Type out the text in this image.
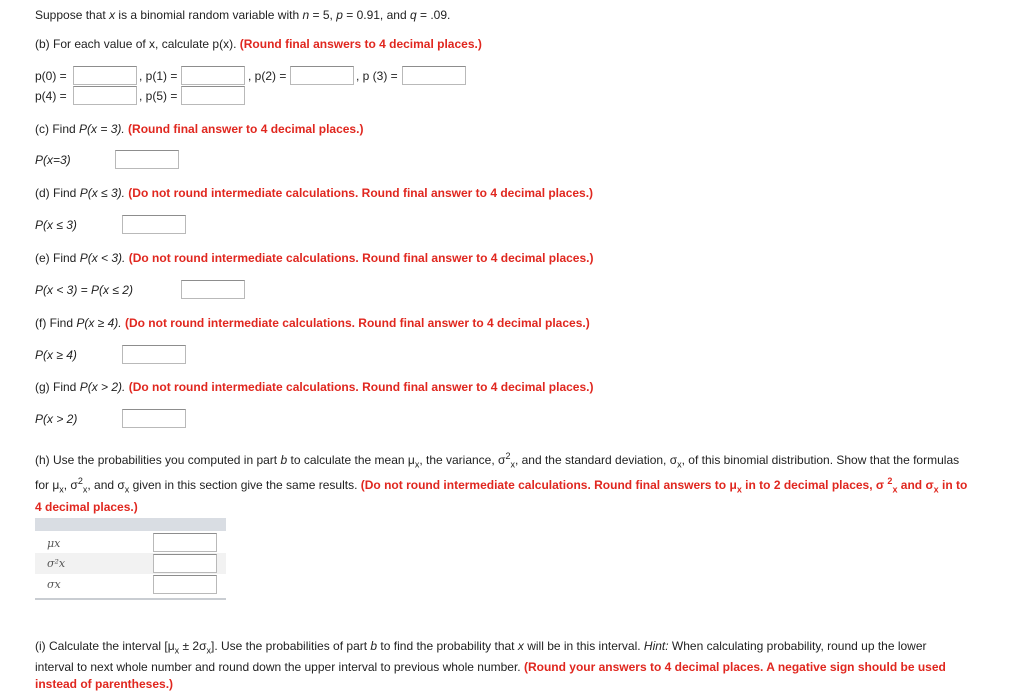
Suppose that x is a binomial random variable with n = 5, p = 0.91, and q = .09.
(b) For each value of x, calculate p(x). (Round final answers to 4 decimal places.)
p(0) =	, p(1) =	, p(2) =	, p (3) =
p(4) =	, p(5) =
(c) Find P(x = 3). (Round final answer to 4 decimal places.)
P(x=3)
(d) Find P(x ≤ 3). (Do not round intermediate calculations. Round final answer to 4 decimal places.)
P(x ≤ 3)
(e) Find P(x < 3). (Do not round intermediate calculations. Round final answer to 4 decimal places.)
P(x < 3) = P(x ≤ 2)
(f) Find P(x ≥ 4). (Do not round intermediate calculations. Round final answer to 4 decimal places.)
P(x ≥ 4)
(g) Find P(x > 2). (Do not round intermediate calculations. Round final answer to 4 decimal places.)
P(x > 2)
(h) Use the probabilities you computed in part b to calculate the mean $\mu_x$, the variance, $\sigma^2_x$, and the standard deviation, $\sigma_x$, of this binomial distribution. Show that the formulas
for $\mu_x$, $\sigma^2_x$, and $\sigma_x$ given in this section give the same results. (Do not round intermediate calculations. Round final answers to $\mu_x$ in to 2 decimal places, σ $^2_x$ and $\sigma_x$ in to
4 decimal places.)
μx
σ²x
σx
(i) Calculate the interval $[\mu_x \pm 2\sigma_x]$. Use the probabilities of part b to find the probability that x will be in this interval. Hint: When calculating probability, round up the lower
interval to next whole number and round down the upper interval to previous whole number. (Round your answers to 4 decimal places. A negative sign should be used
instead of parentheses.)
